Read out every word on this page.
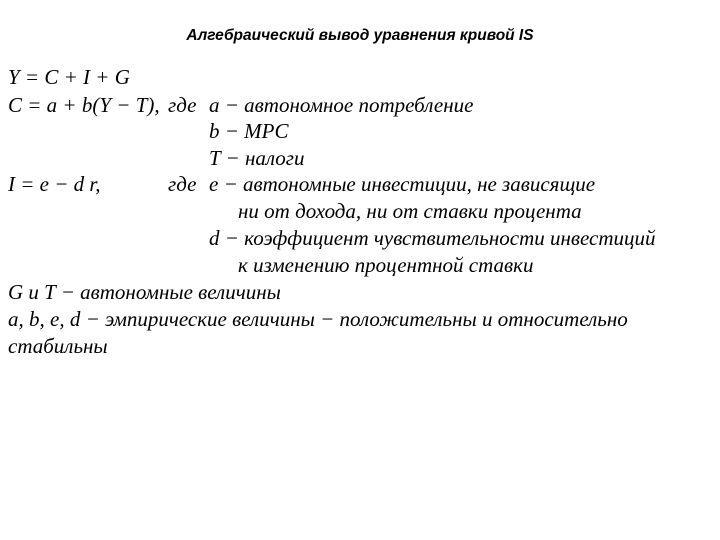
Алгебраический вывод уравнения кривой IS
Y = C + I + G
C = a + b(Y − T), где a − автономное потребление
b − MPC
T − налоги
I = e − d r,	где e − автономные инвестиции, не зависящие
ни от дохода, ни от ставки процента
d − коэффициент чувствительности инвестиций
к изменению процентной ставки
G и T − автономные величины
a, b, e, d − эмпирические величины − положительны и относительно
стабильны
